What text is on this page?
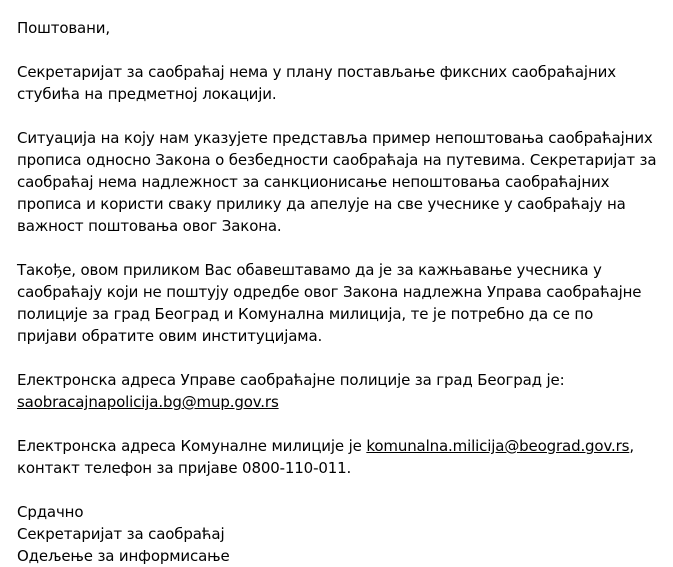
Поштовани,

Секретаријат за саобраћај нема у плану постављање фиксних саобраћајних
стубића на предметној локацији.

Ситуација на коју нам указујете представља пример непоштовања саобраћајних
прописа односно Закона о безбедности саобраћаја на путевима. Секретаријат за
саобраћај нема надлежност за санкционисање непоштовања саобраћајних
прописа и користи сваку прилику да апелује на све учеснике у саобраћају на
важност поштовања овог Закона.

Такође, овом приликом Вас обавештавамо да је за кажњавање учесника у
саобраћају који не поштују одредбе овог Закона надлежна Управа саобраћајне
полиције за град Београд и Комунална милиција, те је потребно да се по
пријави обратите овим институцијама.

Електронска адреса Управе саобраћајне полиције за град Београд је:
saobracajnapolicija.bg@mup.gov.rs

Електронска адреса Комуналне милиције је komunalna.milicija@beograd.gov.rs,
контакт телефон за пријаве 0800-110-011.

Срдачно
Секретаријат за саобраћај
Одељење за информисање
